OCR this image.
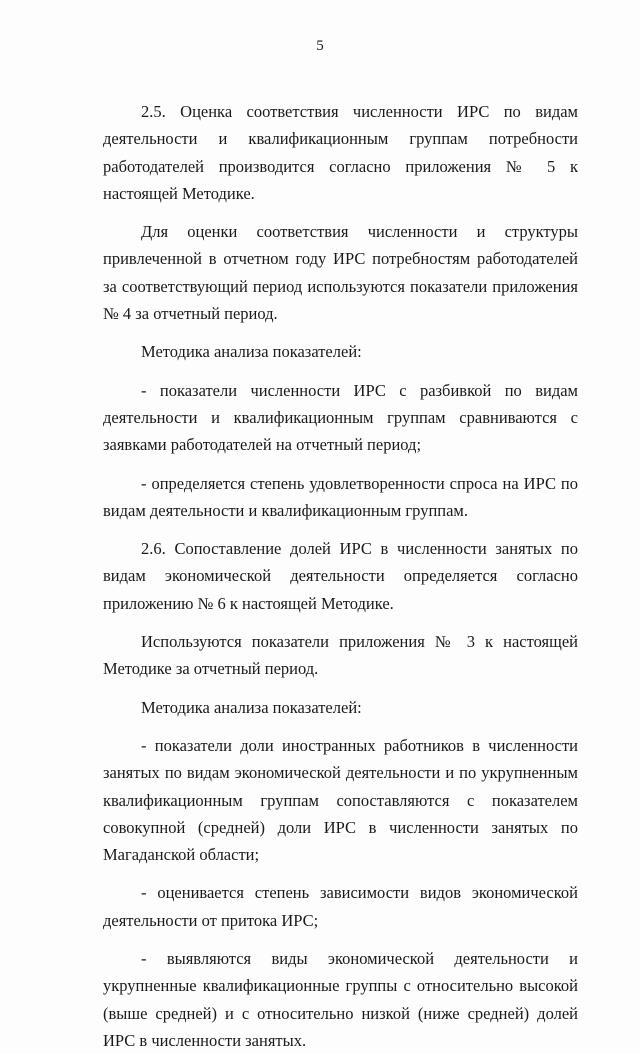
5

2.5. Оценка соответствия численности ИРС по видам деятельности и квалификационным группам потребности работодателей производится согласно приложения № 5 к настоящей Методике.

Для оценки соответствия численности и структуры привлеченной в отчетном году ИРС потребностям работодателей за соответствующий период используются показатели приложения № 4 за отчетный период.

Методика анализа показателей:

- показатели численности ИРС с разбивкой по видам деятельности и квалификационным группам сравниваются с заявками работодателей на отчетный период;

- определяется степень удовлетворенности спроса на ИРС по видам деятельности и квалификационным группам.

2.6. Сопоставление долей ИРС в численности занятых по видам экономической деятельности определяется согласно приложению № 6 к настоящей Методике.

Используются показатели приложения № 3 к настоящей Методике за отчетный период.

Методика анализа показателей:

- показатели доли иностранных работников в численности занятых по видам экономической деятельности и по укрупненным квалификационным группам сопоставляются с показателем совокупной (средней) доли ИРС в численности занятых по Магаданской области;

- оценивается степень зависимости видов экономической деятельности от притока ИРС;

- выявляются виды экономической деятельности и укрупненные квалификационные группы с относительно высокой (выше средней) и с относительно низкой (ниже средней) долей ИРС в численности занятых.
